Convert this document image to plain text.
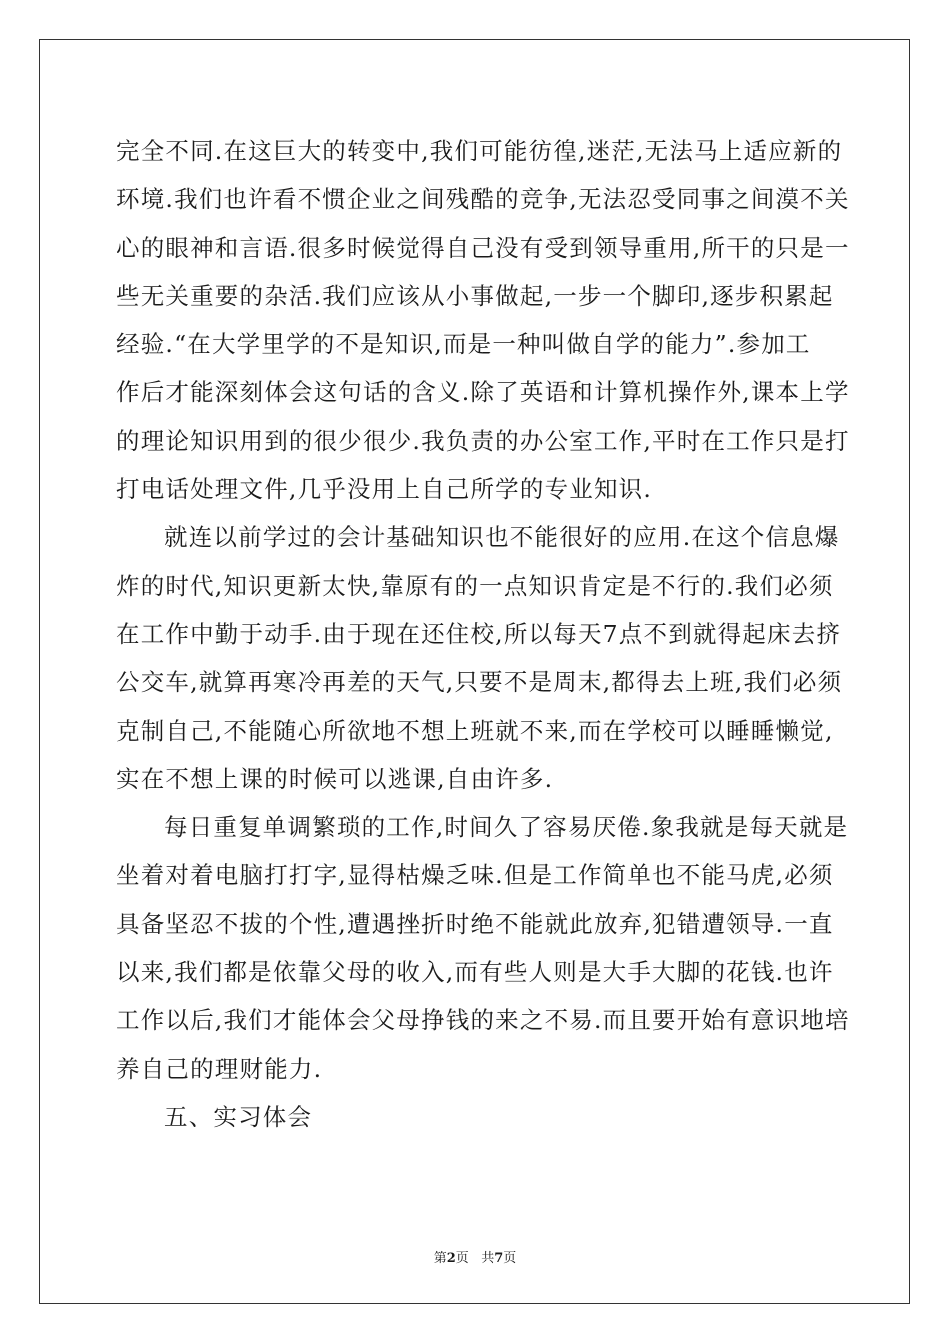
完全不同.在这巨大的转变中,我们可能彷徨,迷茫,无法马上适应新的
环境.我们也许看不惯企业之间残酷的竞争,无法忍受同事之间漠不关
心的眼神和言语.很多时候觉得自己没有受到领导重用,所干的只是一
些无关重要的杂活.我们应该从小事做起,一步一个脚印,逐步积累起
经验.“在大学里学的不是知识,而是一种叫做自学的能力”.参加工
作后才能深刻体会这句话的含义.除了英语和计算机操作外,课本上学
的理论知识用到的很少很少.我负责的办公室工作,平时在工作只是打
打电话处理文件,几乎没用上自己所学的专业知识.
就连以前学过的会计基础知识也不能很好的应用.在这个信息爆
炸的时代,知识更新太快,靠原有的一点知识肯定是不行的.我们必须
在工作中勤于动手.由于现在还住校,所以每天7点不到就得起床去挤
公交车,就算再寒冷再差的天气,只要不是周末,都得去上班,我们必须
克制自己,不能随心所欲地不想上班就不来,而在学校可以睡睡懒觉,
实在不想上课的时候可以逃课,自由许多.
每日重复单调繁琐的工作,时间久了容易厌倦.象我就是每天就是
坐着对着电脑打打字,显得枯燥乏味.但是工作简单也不能马虎,必须
具备坚忍不拔的个性,遭遇挫折时绝不能就此放弃,犯错遭领导.一直
以来,我们都是依靠父母的收入,而有些人则是大手大脚的花钱.也许
工作以后,我们才能体会父母挣钱的来之不易.而且要开始有意识地培
养自己的理财能力.
五、实习体会
第2页 共7页
